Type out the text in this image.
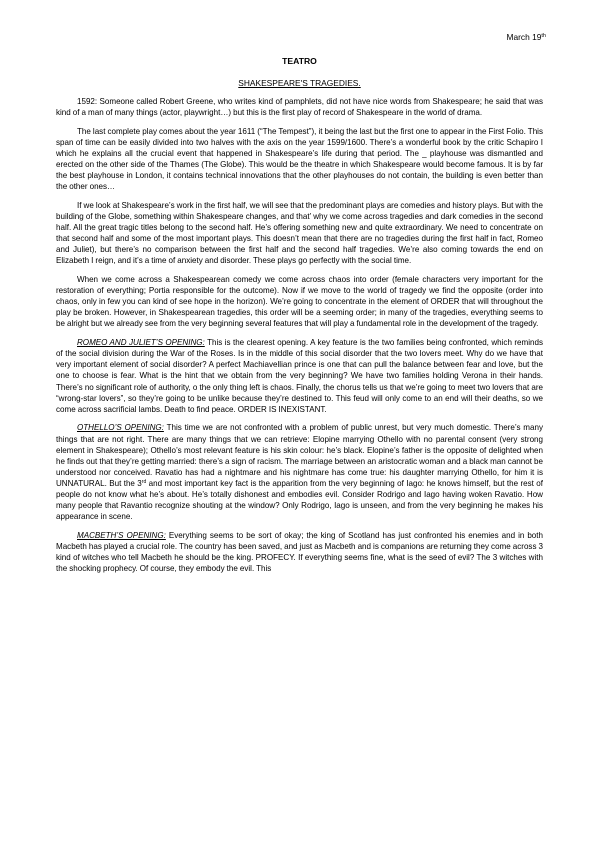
March 19th
TEATRO
SHAKESPEARE'S TRAGEDIES.

1592: Someone called Robert Greene, who writes kind of pamphlets, did not have nice words from Shakespeare; he said that was kind of a man of many things (actor, playwright…) but this is the first play of record of Shakespeare in the world of drama.

The last complete play comes about the year 1611 (“The Tempest”), it being the last but the first one to appear in the First Folio. This span of time can be easily divided into two halves with the axis on the year 1599/1600. There’s a wonderful book by the critic Schapiro I which he explains all the crucial event that happened in Shakespeare’s life during that period. The _ playhouse was dismantled and erected on the other side of the Thames (The Globe). This would be the theatre in which Shakespeare would become famous. It is by far the best playhouse in London, it contains technical innovations that the other playhouses do not contain, the building is even better than the other ones…

If we look at Shakespeare’s work in the first half, we will see that the predominant plays are comedies and history plays. But with the building of the Globe, something within Shakespeare changes, and that’ why we come across tragedies and dark comedies in the second half. All the great tragic titles belong to the second half. He’s offering something new and quite extraordinary. We need to concentrate on that second half and some of the most important plays. This doesn’t mean that there are no tragedies during the first half in fact, Romeo and Juliet), but there’s no comparison between the first half and the second half tragedies. We’re also coming towards the end on Elizabeth I reign, and it’s a time of anxiety and disorder. These plays go perfectly with the social time.

When we come across a Shakespearean comedy we come across chaos into order (female characters very important for the restoration of everything; Portia responsible for the outcome). Now if we move to the world of tragedy we find the opposite (order into chaos, only in few you can kind of see hope in the horizon). We’re going to concentrate in the element of ORDER that will throughout the play be broken. However, in Shakespearean tragedies, this order will be a seeming order; in many of the tragedies, everything seems to be alright but we already see from the very beginning several features that will play a fundamental role in the development of the tragedy.

ROMEO AND JULIET’S OPENING: This is the clearest opening. A key feature is the two families being confronted, which reminds of the social division during the War of the Roses. Is in the middle of this social disorder that the two lovers meet. Why do we have that very important element of social disorder? A perfect Machiavellian prince is one that can pull the balance between fear and love, but the one to choose is fear. What is the hint that we obtain from the very beginning? We have two families holding Verona in their hands. There’s no significant role of authority, o the only thing left is chaos. Finally, the chorus tells us that we’re going to meet two lovers that are “wrong-star lovers”, so they’re going to be unlike because they’re destined to. This feud will only come to an end will their deaths, so we come across sacrificial lambs. Death to find peace. ORDER IS INEXISTANT.

OTHELLO’S OPENING: This time we are not confronted with a problem of public unrest, but very much domestic. There’s many things that are not right. There are many things that we can retrieve: Elopine marrying Othello with no parental consent (very strong element in Shakespeare); Othello’s most relevant feature is his skin colour: he’s black. Elopine’s father is the opposite of delighted when he finds out that they’re getting married: there’s a sign of racism. The marriage between an aristocratic woman and a black man cannot be understood nor conceived. Ravatio has had a nightmare and his nightmare has come true: his daughter marrying Othello, for him it is UNNATURAL. But the 3rd and most important key fact is the apparition from the very beginning of Iago: he knows himself, but the rest of people do not know what he’s about. He’s totally dishonest and embodies evil. Consider Rodrigo and Iago having woken Ravatio. How many people that Ravantio recognize shouting at the window? Only Rodrigo, Iago is unseen, and from the very beginning he makes his appearance in scene.

MACBETH’S OPENING: Everything seems to be sort of okay; the king of Scotland has just confronted his enemies and in both Macbeth has played a crucial role. The country has been saved, and just as Macbeth and is companions are returning they come across 3 kind of witches who tell Macbeth he should be the king. PROFECY. If everything seems fine, what is the seed of evil? The 3 witches with the shocking prophecy. Of course, they embody the evil. This
